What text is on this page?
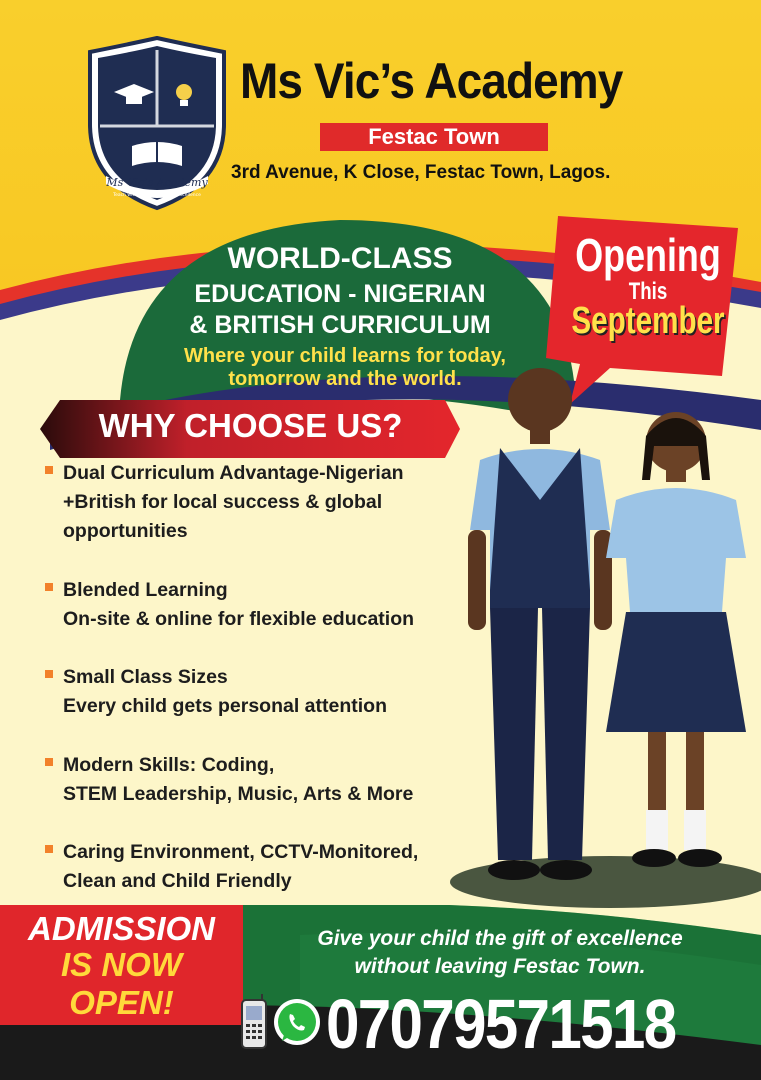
Ms Vic’s Academy
Teach with Love, Shine with Excellence
Ms Vic’s Academy
Festac Town
3rd Avenue, K Close, Festac Town, Lagos.
WORLD-CLASS
EDUCATION - NIGERIAN
& BRITISH CURRICULUM
Where your child learns for today,
tomorrow and the world.
Opening
This
September
WHY CHOOSE US?
Dual Curriculum Advantage-Nigerian
+British for local success & global
opportunities
Blended Learning
On-site & online for flexible education
Small Class Sizes
Every child gets personal attention
Modern Skills: Coding,
STEM Leadership, Music, Arts & More
Caring Environment, CCTV-Monitored,
Clean and Child Friendly
ADMISSION
IS NOW
OPEN!
Give your child the gift of excellence
without leaving Festac Town.
07079571518
